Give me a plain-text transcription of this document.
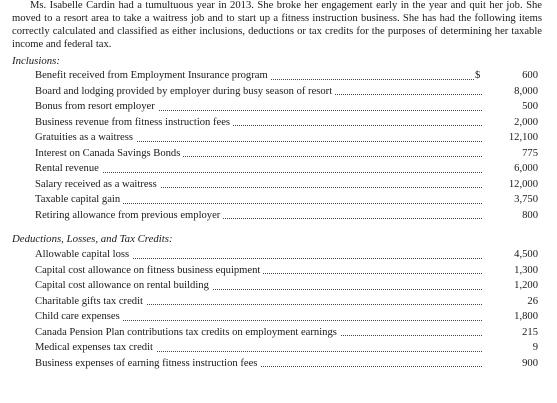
Ms. Isabelle Cardin had a tumultuous year in 2013. She broke her engagement early in the year and quit her job. She moved to a resort area to take a waitress job and to start up a fitness instruction business. She has had the following items correctly calculated and classified as either inclusions, deductions or tax credits for the purposes of determining her taxable income and federal tax.

Inclusions:
Benefit received from Employment Insurance program	$	600
Board and lodging provided by employer during busy season of resort	8,000
Bonus from resort employer	500
Business revenue from fitness instruction fees	2,000
Gratuities as a waitress	12,100
Interest on Canada Savings Bonds	775
Rental revenue	6,000
Salary received as a waitress	12,000
Taxable capital gain	3,750
Retiring allowance from previous employer	800
Deductions, Losses, and Tax Credits:
Allowable capital loss	4,500
Capital cost allowance on fitness business equipment	1,300
Capital cost allowance on rental building	1,200
Charitable gifts tax credit	26
Child care expenses	1,800
Canada Pension Plan contributions tax credits on employment earnings	215
Medical expenses tax credit	9
Business expenses of earning fitness instruction fees	900
